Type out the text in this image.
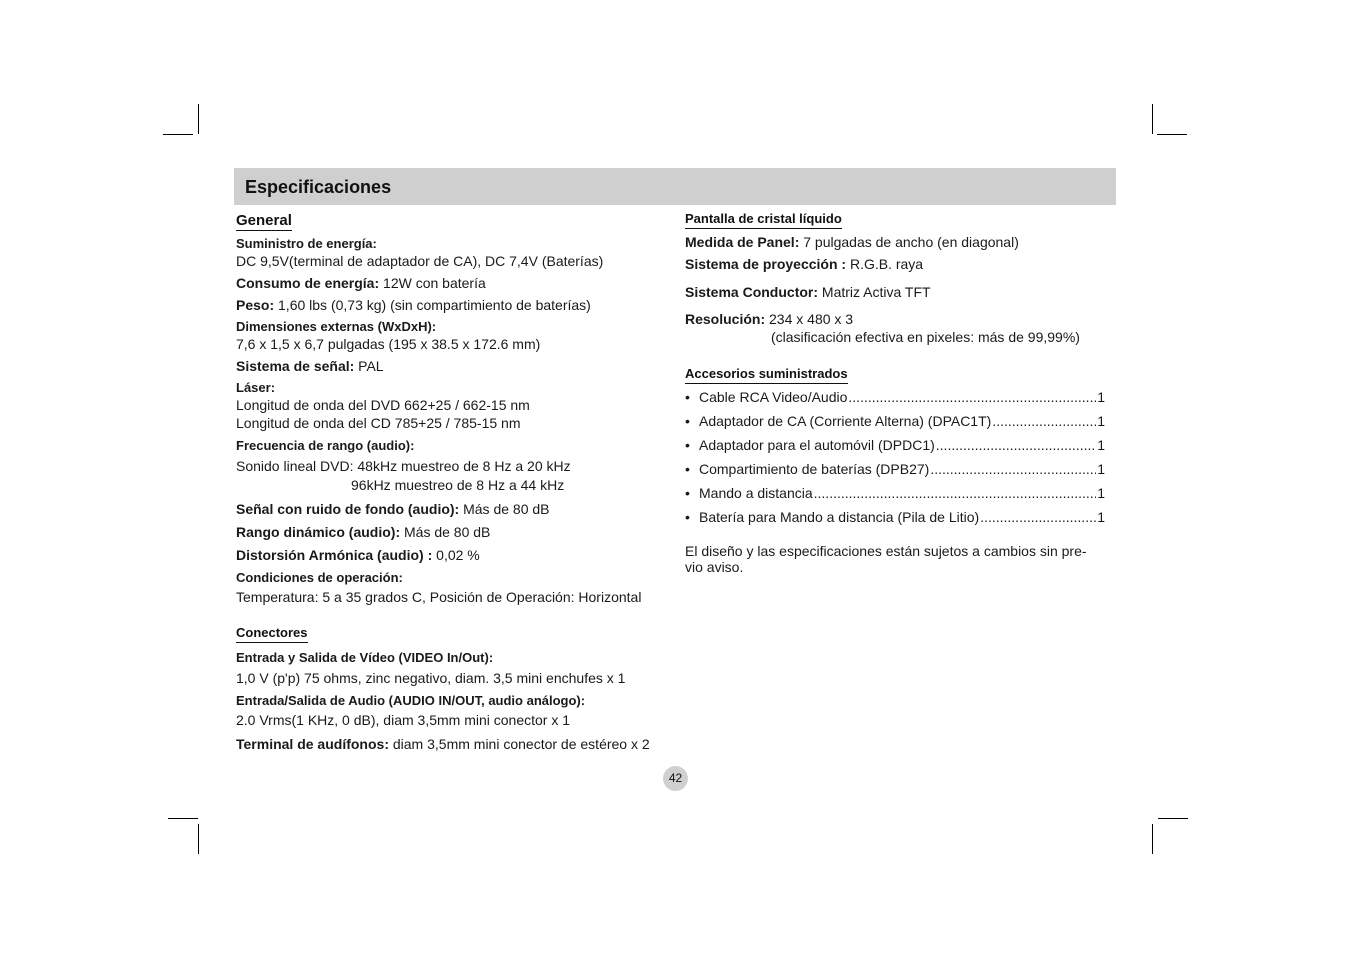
Especificaciones
General
Suministro de energía:
DC 9,5V(terminal de adaptador de CA), DC 7,4V (Baterías)
Consumo de energía: 12W con batería
Peso: 1,60 lbs (0,73 kg) (sin compartimiento de baterías)
Dimensiones externas (WxDxH):
7,6 x 1,5 x 6,7 pulgadas (195 x 38.5 x 172.6 mm)
Sistema de señal: PAL
Láser:
Longitud de onda del DVD 662+25 / 662-15 nm
Longitud de onda del CD 785+25 / 785-15 nm
Frecuencia de rango (audio):
Sonido lineal DVD: 48kHz muestreo de 8 Hz a 20 kHz
96kHz muestreo de 8 Hz a 44 kHz
Señal con ruido de fondo (audio): Más de 80 dB
Rango dinámico (audio): Más de 80 dB
Distorsión Armónica (audio) : 0,02 %
Condiciones de operación:
Temperatura: 5 a 35 grados C, Posición de Operación: Horizontal
Conectores
Entrada y Salida de Vídeo (VIDEO In/Out):
1,0 V (p'p) 75 ohms, zinc negativo, diam. 3,5 mini enchufes x 1
Entrada/Salida de Audio (AUDIO IN/OUT, audio análogo):
2.0 Vrms(1 KHz, 0 dB), diam 3,5mm mini conector x 1
Terminal de audífonos: diam 3,5mm mini conector de estéreo x 2
Pantalla de cristal líquido
Medida de Panel: 7 pulgadas de ancho (en diagonal)
Sistema de proyección : R.G.B. raya
Sistema Conductor: Matriz Activa TFT
Resolución: 234 x 480 x 3
(clasificación efectiva en pixeles: más de 99,99%)
Accesorios suministrados
• Cable RCA Video/Audio .....	1
• Adaptador de CA (Corriente Alterna) (DPAC1T) .....	1
• Adaptador para el automóvil (DPDC1) .....	1
• Compartimiento de baterías (DPB27) .....	1
• Mando a distancia .....	1
• Batería para Mando a distancia (Pila de Litio) .....	1
El diseño y las especificaciones están sujetos a cambios sin pre-
vio aviso.
42
